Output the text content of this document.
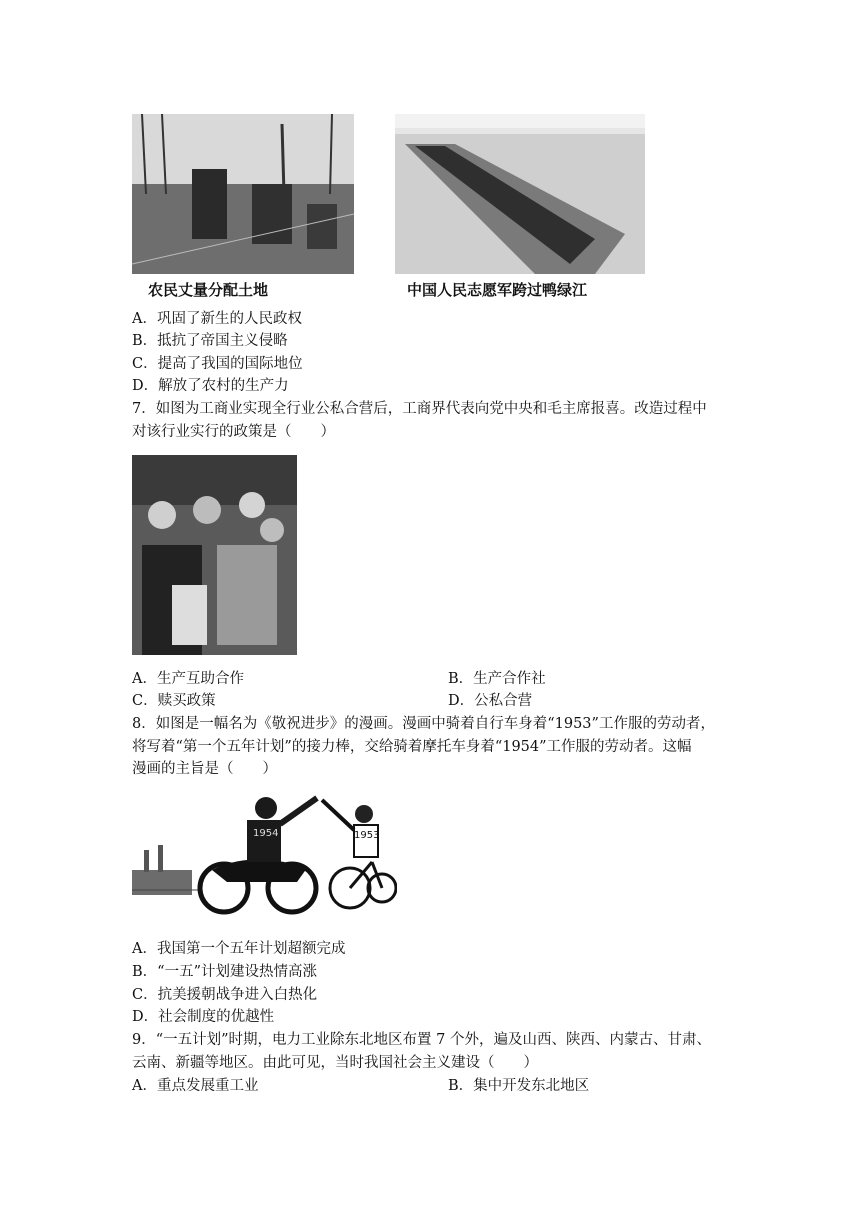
农民丈量分配土地	中国人民志愿军跨过鸭绿江
A．巩固了新生的人民政权
B．抵抗了帝国主义侵略
C．提高了我国的国际地位
D．解放了农村的生产力
7．如图为工商业实现全行业公私合营后，工商界代表向党中央和毛主席报喜。改造过程中
对该行业实行的政策是（　　）
A．生产互助合作	B．生产合作社
C．赎买政策	D．公私合营
8．如图是一幅名为《敬祝进步》的漫画。漫画中骑着自行车身着“1953”工作服的劳动者，
将写着“第一个五年计划”的接力棒，交给骑着摩托车身着“1954”工作服的劳动者。这幅
漫画的主旨是（　　）
1954	1953
A．我国第一个五年计划超额完成
B．“一五”计划建设热情高涨
C．抗美援朝战争进入白热化
D．社会制度的优越性
9．“一五计划”时期，电力工业除东北地区布置 7 个外，遍及山西、陕西、内蒙古、甘肃、
云南、新疆等地区。由此可见，当时我国社会主义建设（　　）
A．重点发展重工业	B．集中开发东北地区
